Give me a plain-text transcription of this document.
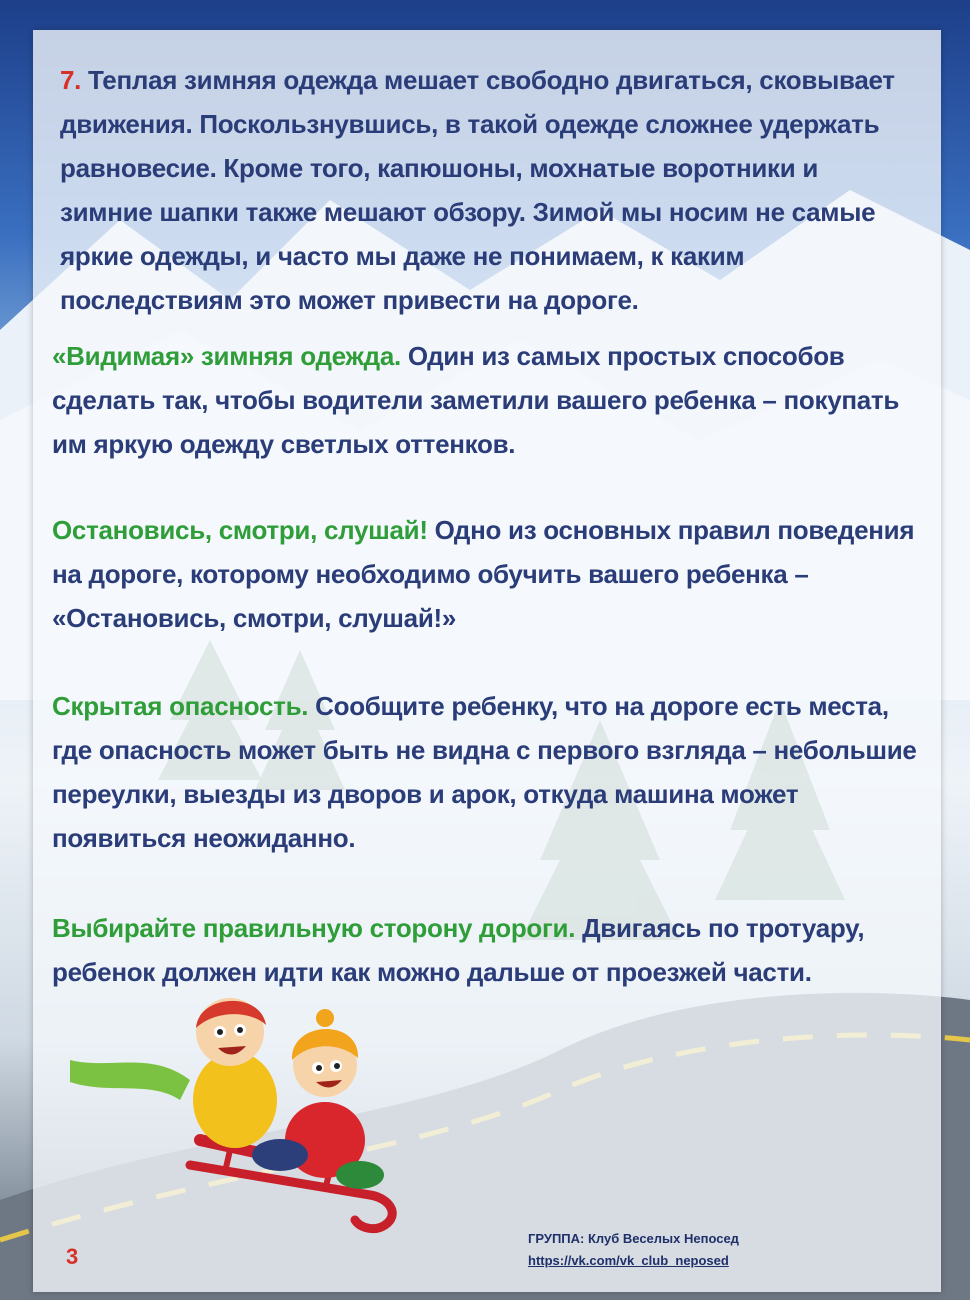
7. Теплая зимняя одежда мешает свободно двигаться, сковывает движения. Поскользнувшись, в такой одежде сложнее удержать равновесие. Кроме того, капюшоны, мохнатые воротники и зимние шапки также мешают обзору. Зимой мы носим не самые яркие одежды, и часто мы даже не понимаем, к каким последствиям это может привести на дороге.
«Видимая» зимняя одежда. Один из самых простых способов сделать так, чтобы водители заметили вашего ребенка – покупать им яркую одежду светлых оттенков.
Остановись, смотри, слушай! Одно из основных правил поведения на дороге, которому необходимо обучить вашего ребенка – «Остановись, смотри, слушай!»
Скрытая опасность. Сообщите ребенку, что на дороге есть места, где опасность может быть не видна с первого взгляда – небольшие переулки, выезды из дворов и арок, откуда машина может появиться неожиданно.
Выбирайте правильную сторону дороги. Двигаясь по тротуару, ребенок должен идти как можно дальше от проезжей части.
ГРУППА: Клуб Веселых Непосед
https://vk.com/vk_club_neposed
3
